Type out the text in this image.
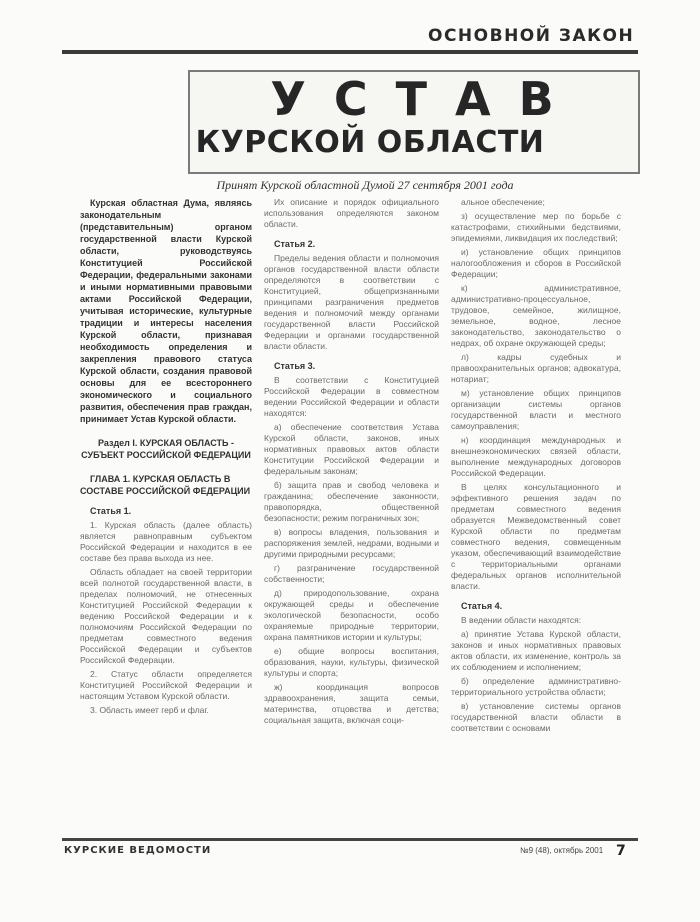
ОСНОВНОЙ ЗАКОН
УСТАВ
КУРСКОЙ ОБЛАСТИ
Принят Курской областной Думой 27 сентября 2001 года
Курская областная Дума, являясь законодательным (представительным) органом государственной власти Курской области, руководствуясь Конституцией Российской Федерации, федеральными законами и иными нормативными правовыми актами Российской Федерации, учитывая исторические, культурные традиции и интересы населения Курской области, признавая необходимость определения и закрепления правового статуса Курской области, создания правовой основы для ее всестороннего экономического и социального развития, обеспечения прав граждан, принимает Устав Курской области.
Раздел I. КУРСКАЯ ОБЛАСТЬ - СУБЪЕКТ РОССИЙСКОЙ ФЕДЕРАЦИИ
ГЛАВА 1. КУРСКАЯ ОБЛАСТЬ В СОСТАВЕ РОССИЙСКОЙ ФЕДЕРАЦИИ
Статья 1.

1. Курская область (далее область) является равноправным субъектом Российской Федерации и находится в ее составе без права выхода из нее.

Область обладает на своей территории всей полнотой государственной власти, в пределах полномочий, не отнесенных Конституцией Российской Федерации к ведению Российской Федерации и к полномочиям Российской Федерации по предметам совместного ведения Российской Федерации и субъектов Российской Федерации.

2. Статус области определяется Конституцией Российской Федерации и настоящим Уставом Курской области.

3. Область имеет герб и флаг.

Их описание и порядок официального использования определяются законом области.

Статья 2.

Пределы ведения области и полномочия органов государственной власти области определяются в соответствии с Конституцией, общепризнанными принципами разграничения предметов ведения и полномочий между органами государственной власти Российской Федерации и органами государственной власти области.

Статья 3.

В соответствии с Конституцией Российской Федерации в совместном ведении Российской Федерации и области находятся:

а) обеспечение соответствия Устава Курской области, законов, иных нормативных правовых актов области Конституции Российской Федерации и федеральным законам;

б) защита прав и свобод человека и гражданина; обеспечение законности, правопорядка, общественной безопасности; режим пограничных зон;

в) вопросы владения, пользования и распоряжения землей, недрами, водными и другими природными ресурсами;

г) разграничение государственной собственности;

д) природопользование, охрана окружающей среды и обеспечение экологической безопасности, особо охраняемые природные территории, охрана памятников истории и культуры;

е) общие вопросы воспитания, образования, науки, культуры, физической культуры и спорта;

ж) координация вопросов здравоохранения, защита семьи, материнства, отцовства и детства; социальная защита, включая соци-

альное обеспечение;

з) осуществление мер по борьбе с катастрофами, стихийными бедствиями, эпидемиями, ликвидация их последствий;

и) установление общих принципов налогообложения и сборов в Российской Федерации;

к) административное, административно-процессуальное, трудовое, семейное, жилищное, земельное, водное, лесное законодательство, законодательство о недрах, об охране окружающей среды;

л) кадры судебных и правоохранительных органов; адвокатура, нотариат;

м) установление общих принципов организации системы органов государственной власти и местного самоуправления;

н) координация международных и внешнеэкономических связей области, выполнение международных договоров Российской Федерации.

В целях консультационного и эффективного решения задач по предметам совместного ведения образуется Межведомственный совет Курской области по предметам совместного ведения, совмещенным указом, обеспечивающий взаимодействие с территориальными органами федеральных органов исполнительной власти.

Статья 4.

В ведении области находятся:

а) принятие Устава Курской области, законов и иных нормативных правовых актов области, их изменение, контроль за их соблюдением и исполнением;

б) определение административно-территориального устройства области;

в) установление системы органов государственной власти области в соответствии с основами

КУРСКИЕ ВЕДОМОСТИ	№9 (48), октябрь 2001 7
